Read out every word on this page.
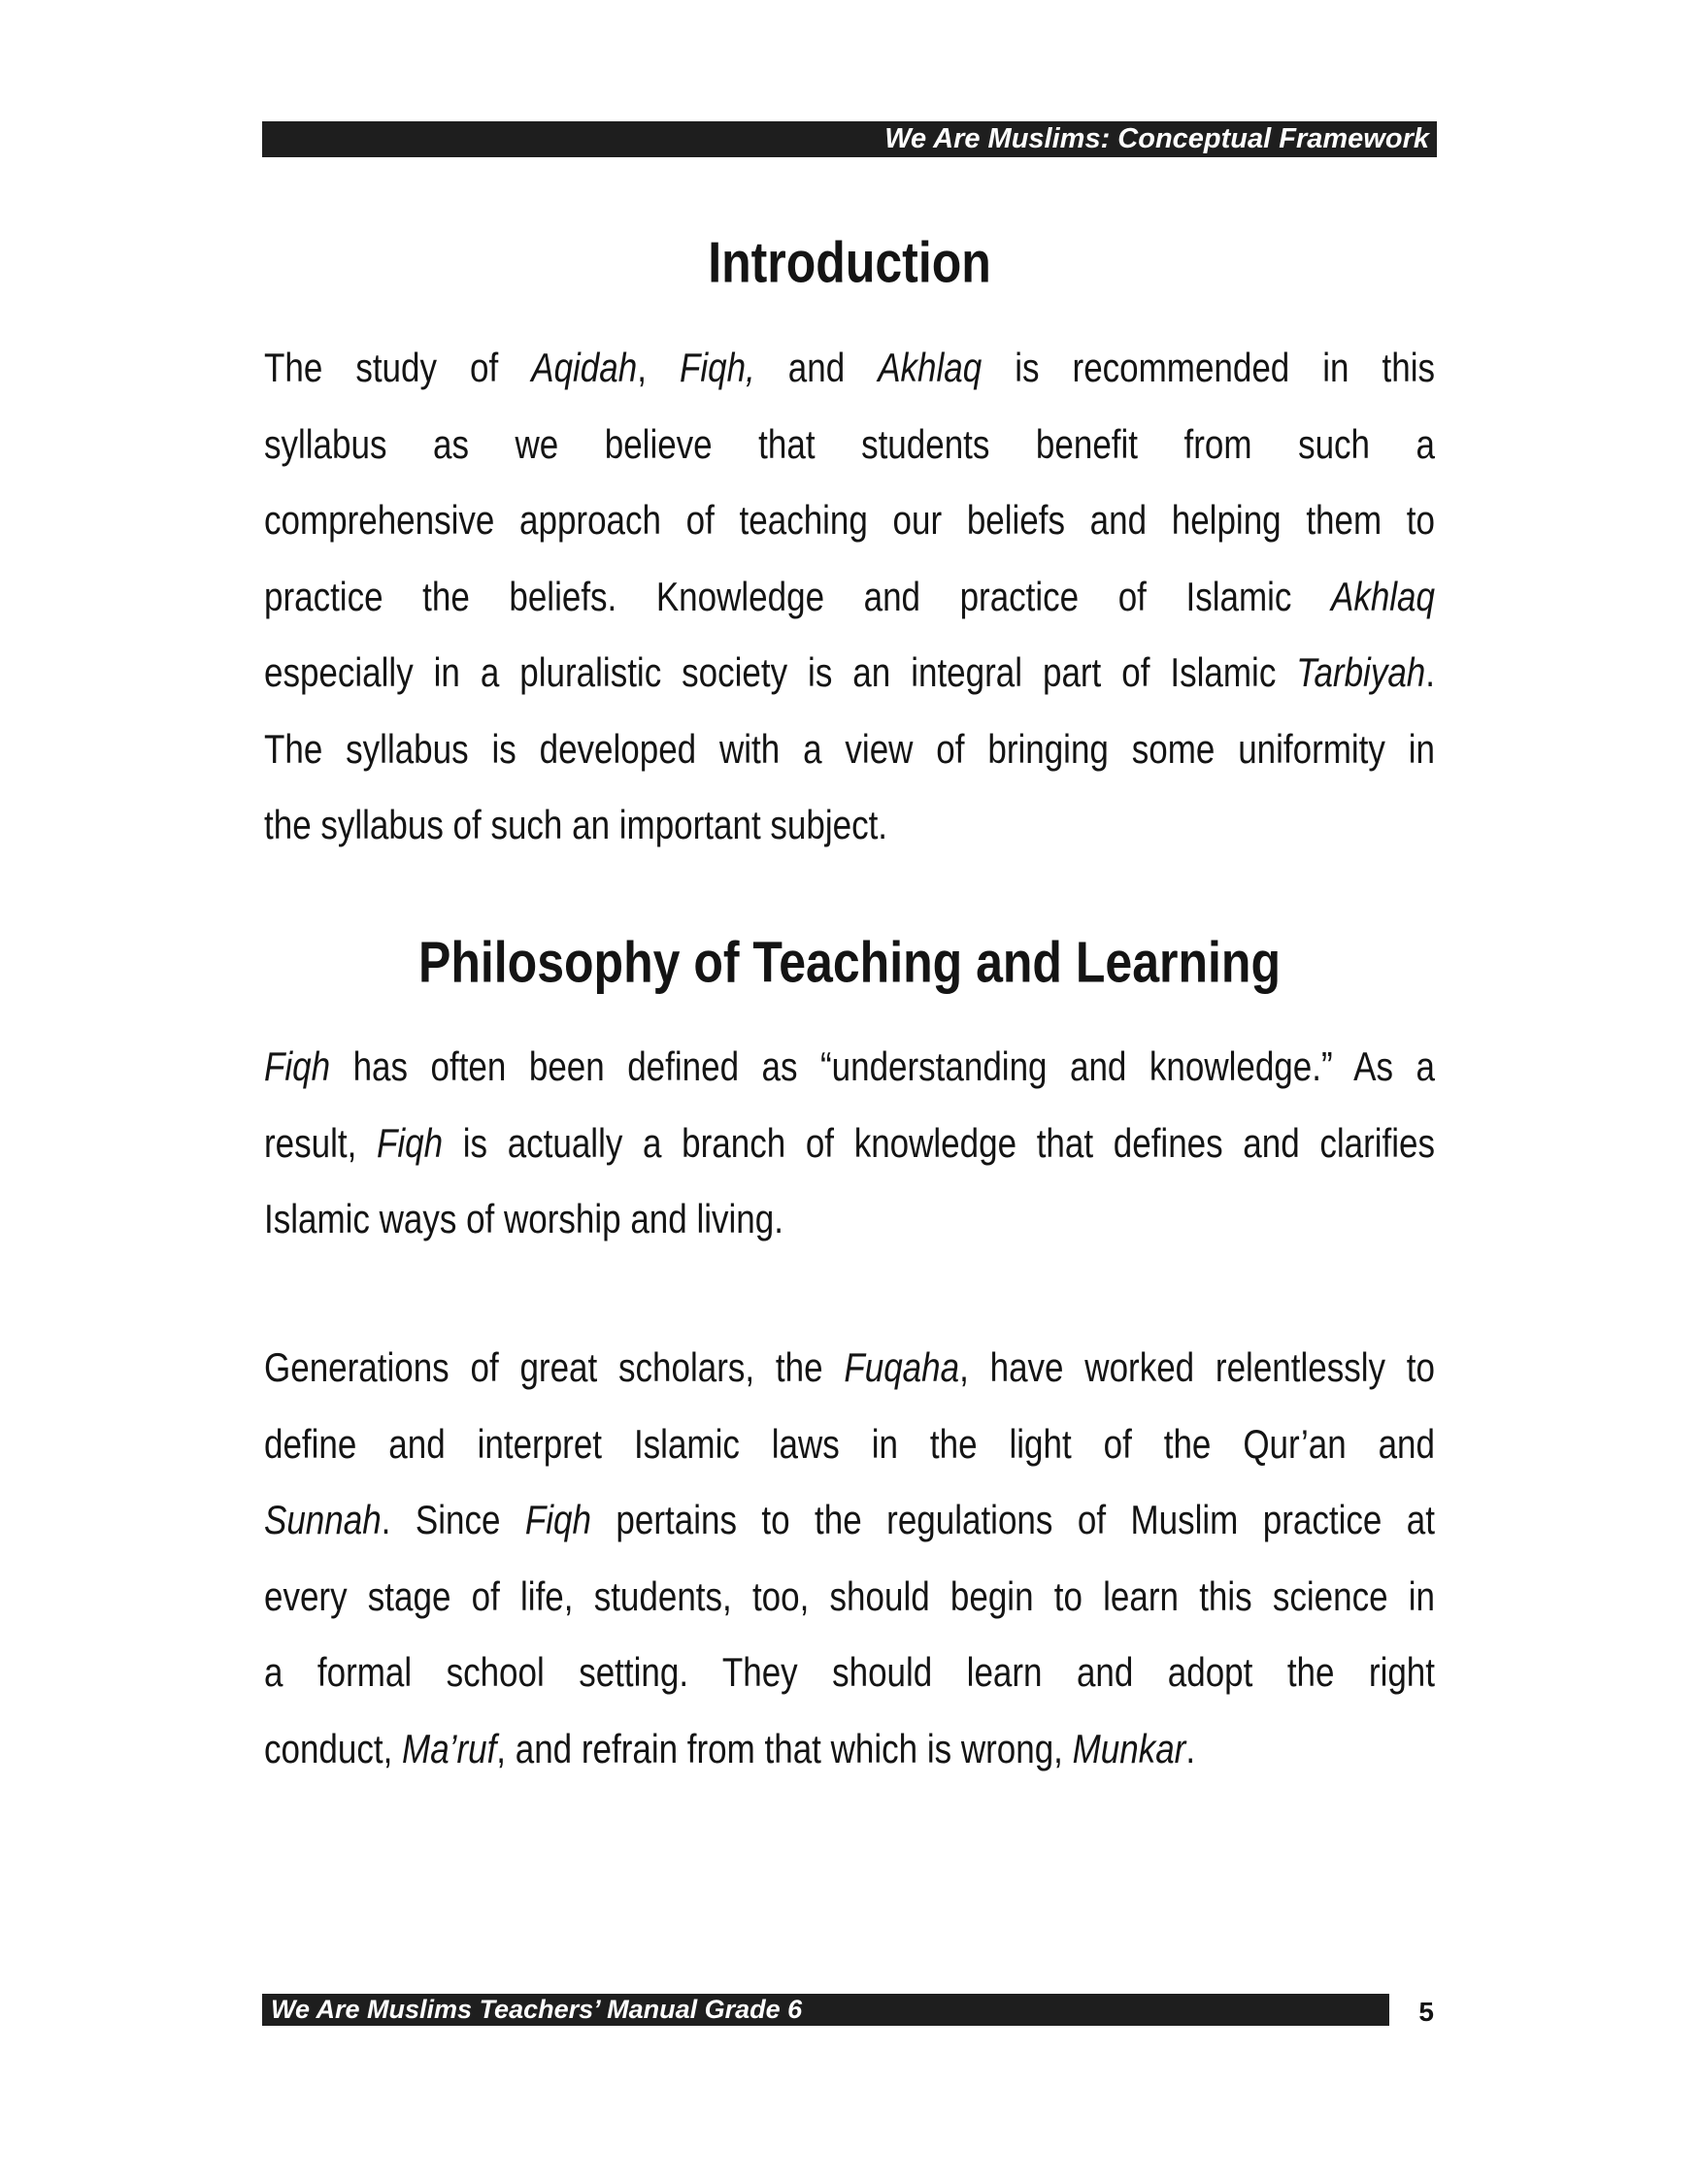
We Are Muslims: Conceptual Framework
Introduction
The study of Aqidah, Fiqh, and Akhlaq is recommended in this
syllabus as we believe that students benefit from such a
comprehensive approach of teaching our beliefs and helping them to
practice the beliefs. Knowledge and practice of Islamic Akhlaq
especially in a pluralistic society is an integral part of Islamic Tarbiyah.
The syllabus is developed with a view of bringing some uniformity in
the syllabus of such an important subject.
Philosophy of Teaching and Learning
Fiqh has often been defined as “understanding and knowledge.” As a
result, Fiqh is actually a branch of knowledge that defines and clarifies
Islamic ways of worship and living.
Generations of great scholars, the Fuqaha, have worked relentlessly to
define and interpret Islamic laws in the light of the Qur’an and
Sunnah. Since Fiqh pertains to the regulations of Muslim practice at
every stage of life, students, too, should begin to learn this science in
a formal school setting. They should learn and adopt the right
conduct, Ma’ruf, and refrain from that which is wrong, Munkar.
We Are Muslims Teachers’ Manual Grade 6	5
